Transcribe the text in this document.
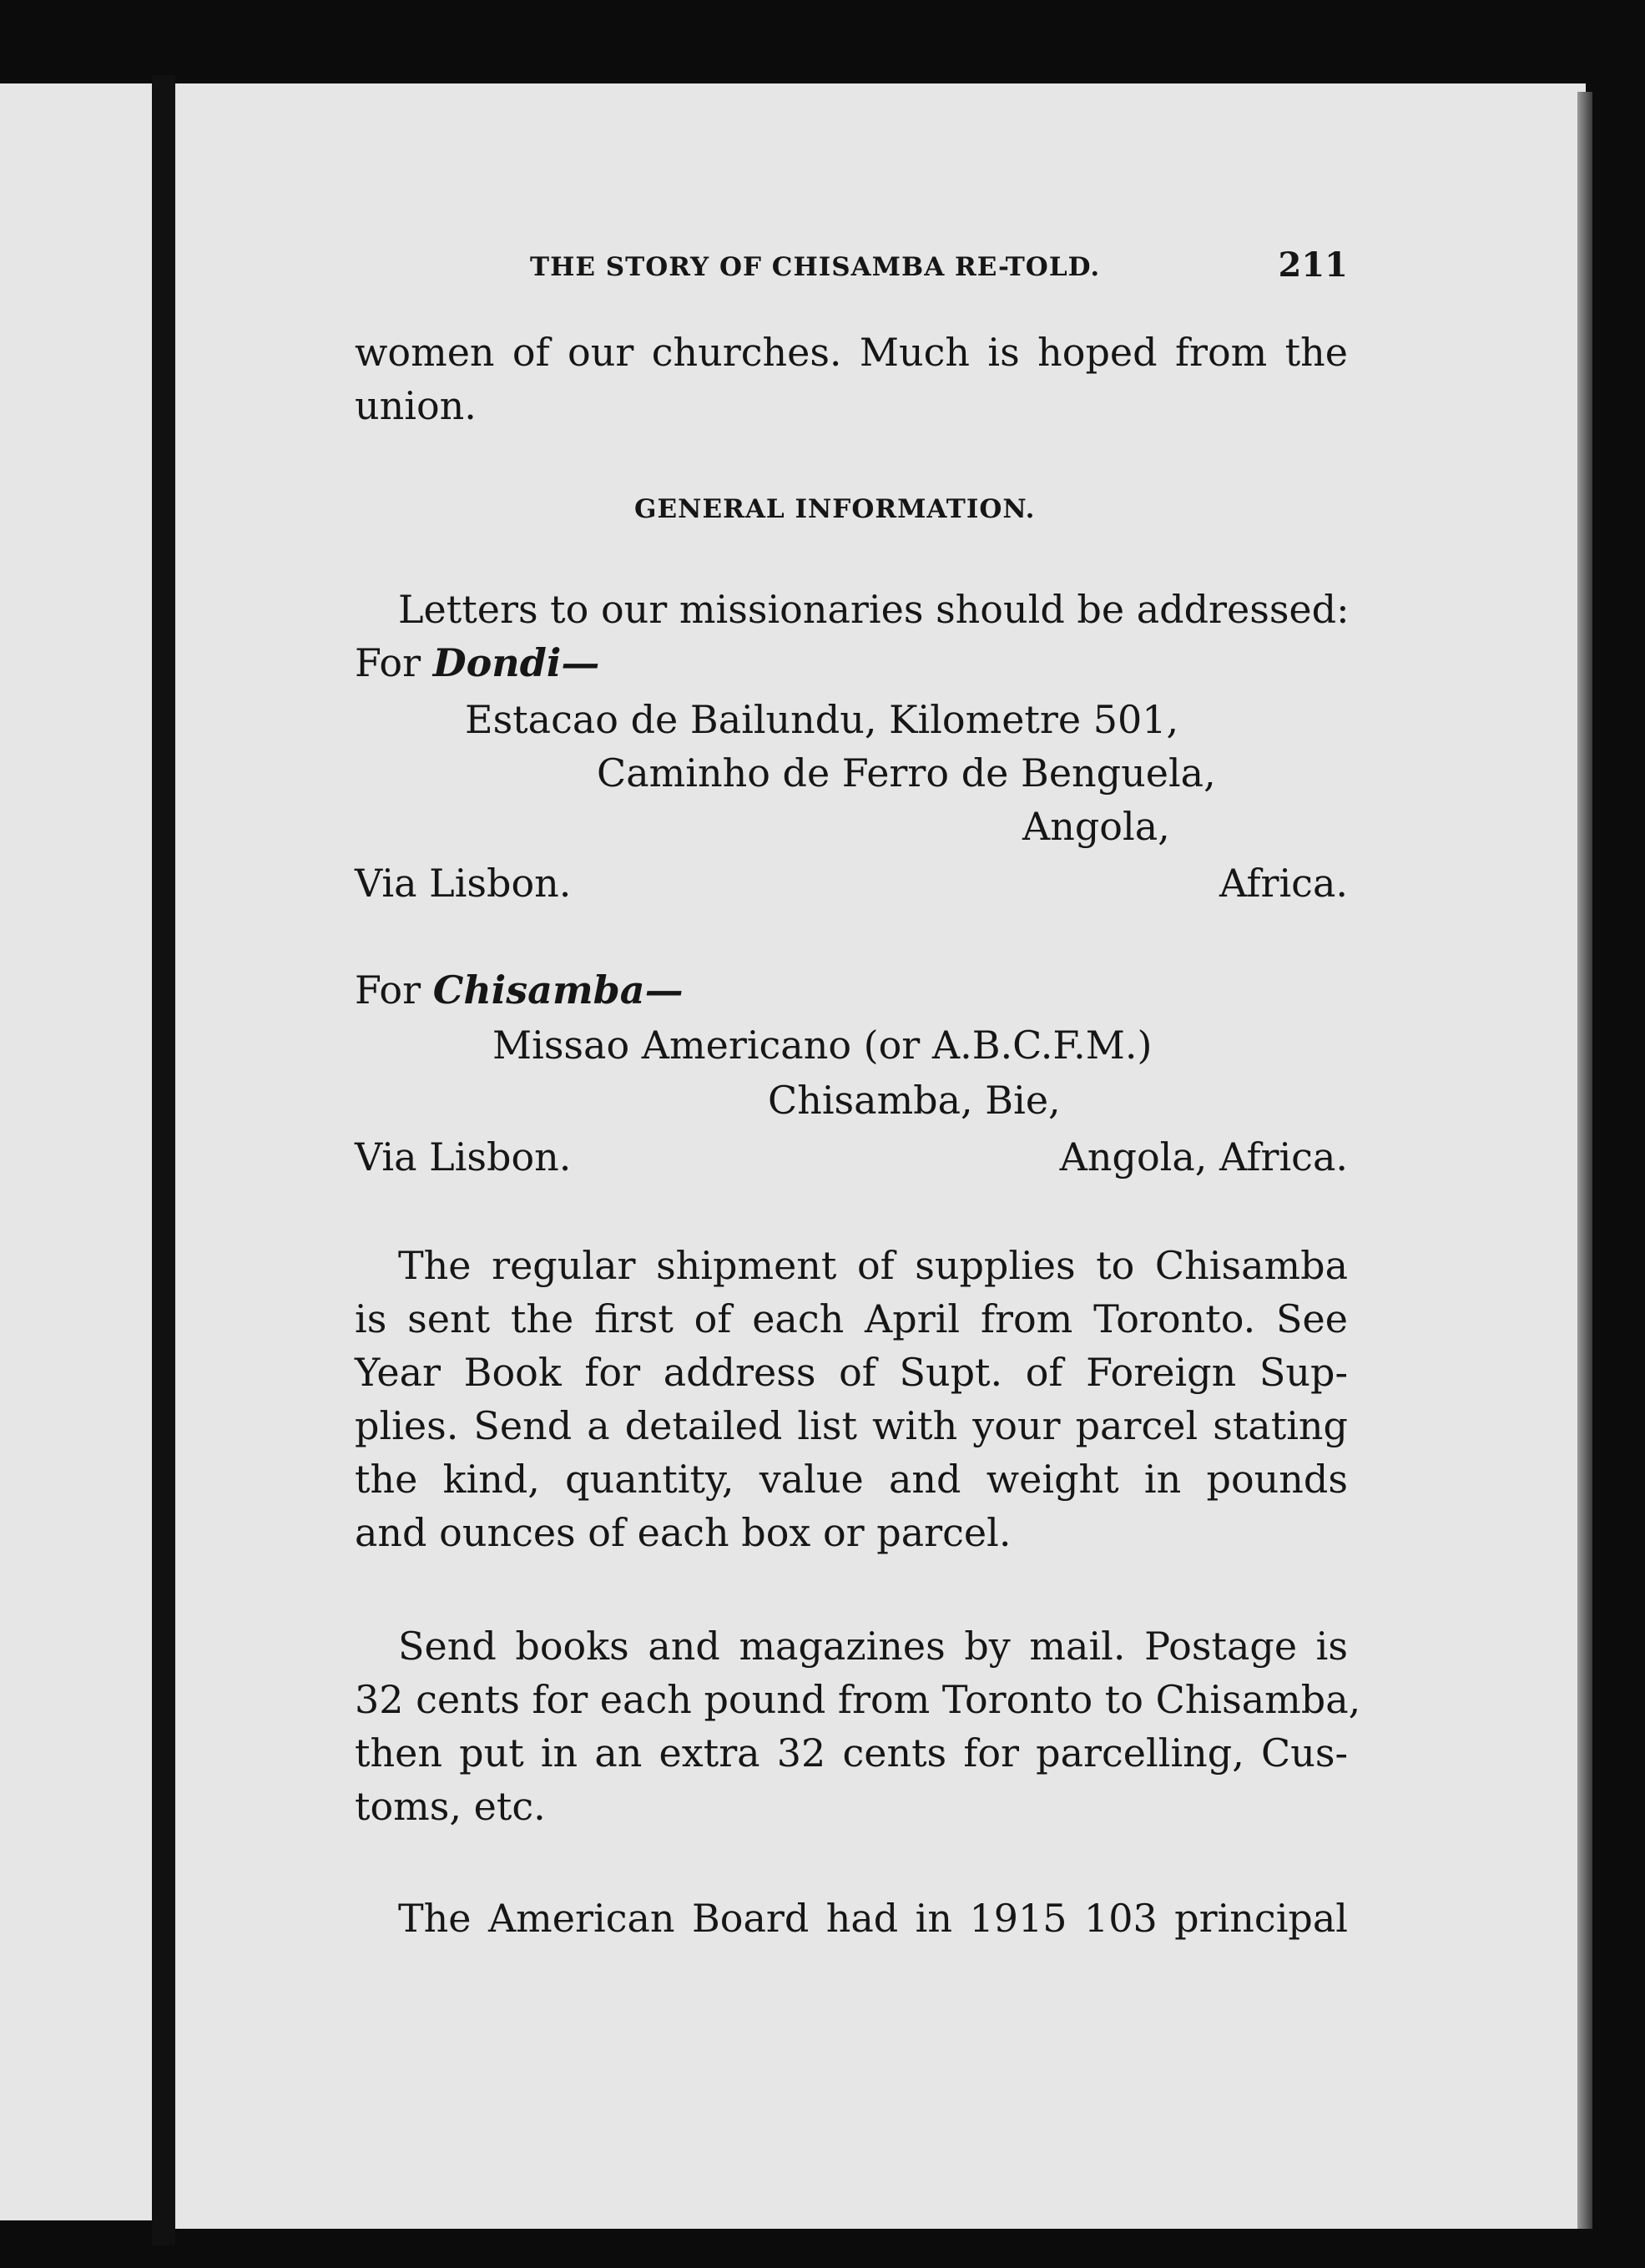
THE STORY OF CHISAMBA RE-TOLD.	211
women of our churches. Much is hoped from the
union.
GENERAL INFORMATION.
Letters to our missionaries should be addressed:
For Dondi—
Estacao de Bailundu, Kilometre 501,
Caminho de Ferro de Benguela,
Angola,
Via Lisbon.	Africa.
For Chisamba—
Missao Americano (or A.B.C.F.M.)
Chisamba, Bie,
Via Lisbon.	Angola, Africa.
The regular shipment of supplies to Chisamba
is sent the first of each April from Toronto. See
Year Book for address of Supt. of Foreign Sup-
plies. Send a detailed list with your parcel stating
the kind, quantity, value and weight in pounds
and ounces of each box or parcel.
Send books and magazines by mail. Postage is
32 cents for each pound from Toronto to Chisamba,
then put in an extra 32 cents for parcelling, Cus-
toms, etc.
The American Board had in 1915 103 principal
